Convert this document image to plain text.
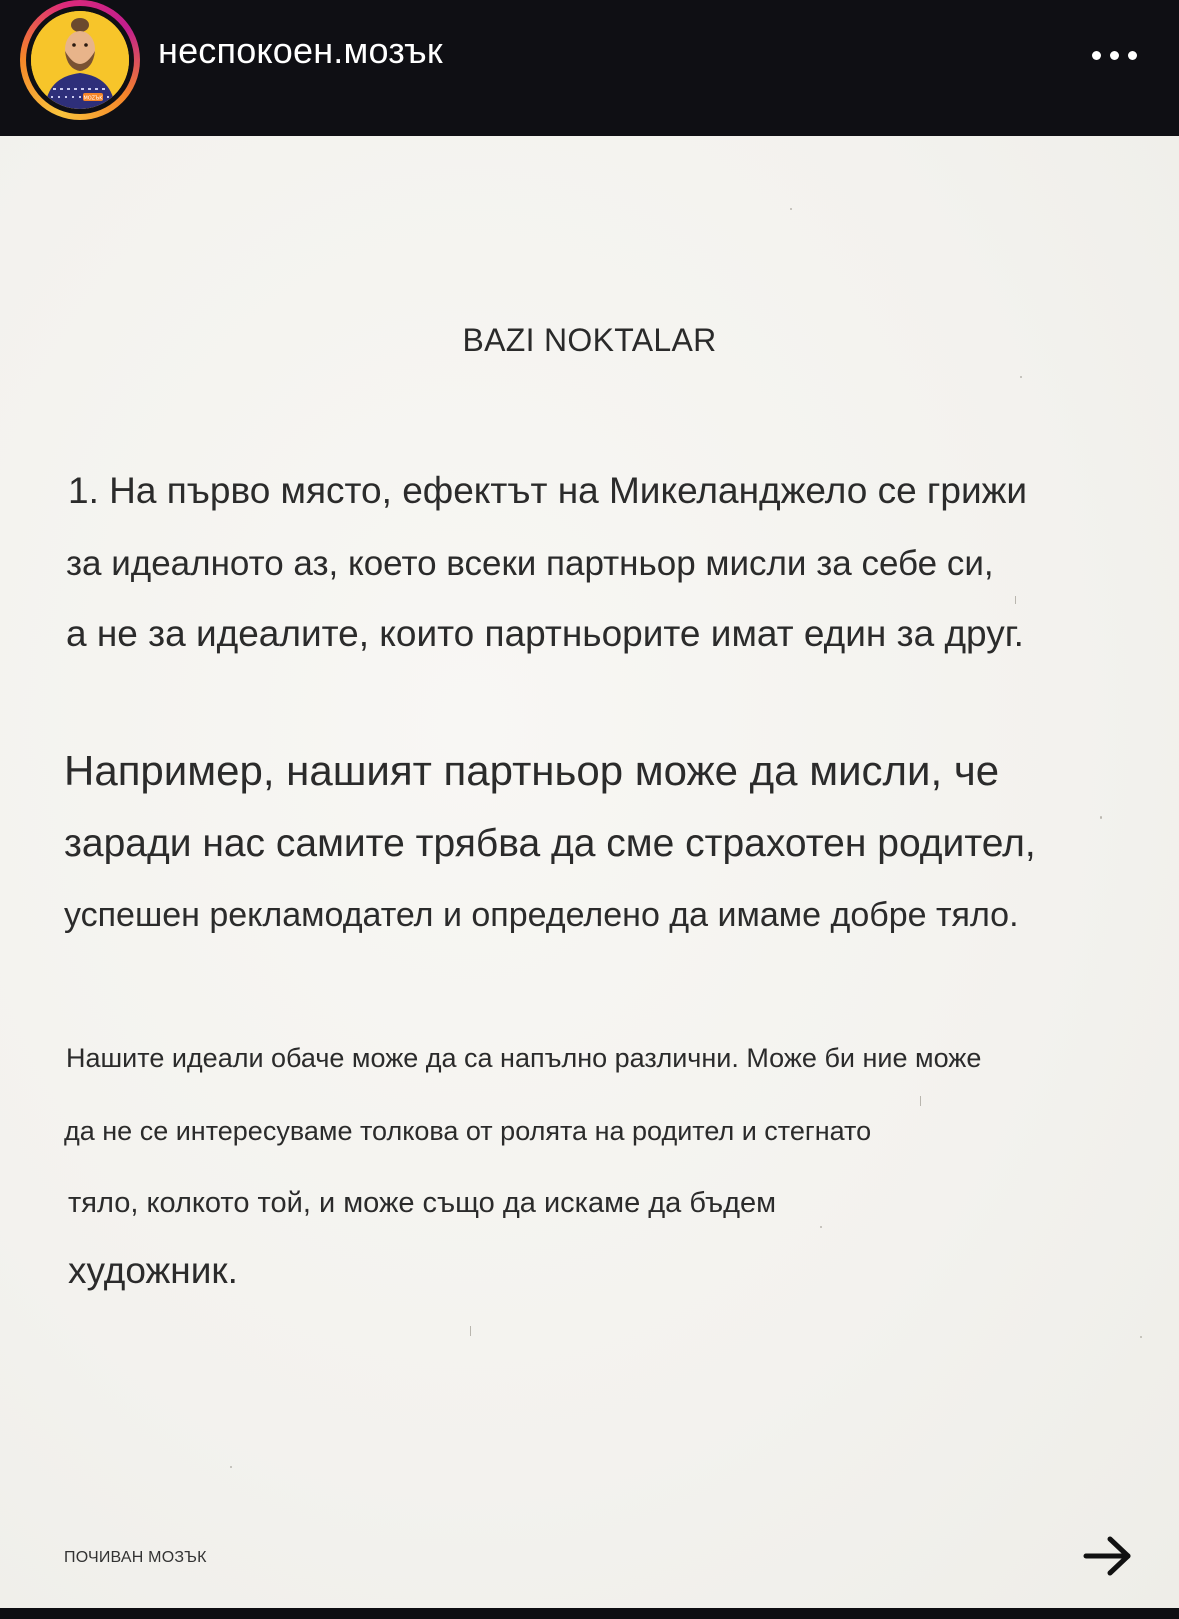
MOZЪK
неспокоен.мозък
BAZI NOKTALAR
1. На първо място, ефектът на Микеланджело се грижи
за идеалното аз, което всеки партньор мисли за себе си,
а не за идеалите, които партньорите имат един за друг.
Например, нашият партньор може да мисли, че
заради нас самите трябва да сме страхотен родител,
успешен рекламодател и определено да имаме добре тяло.
Нашите идеали обаче може да са напълно различни. Може би ние може
да не се интересуваме толкова от ролята на родител и стегнато
тяло, колкото той, и може също да искаме да бъдем
художник.
ПОЧИВАН МОЗЪК
